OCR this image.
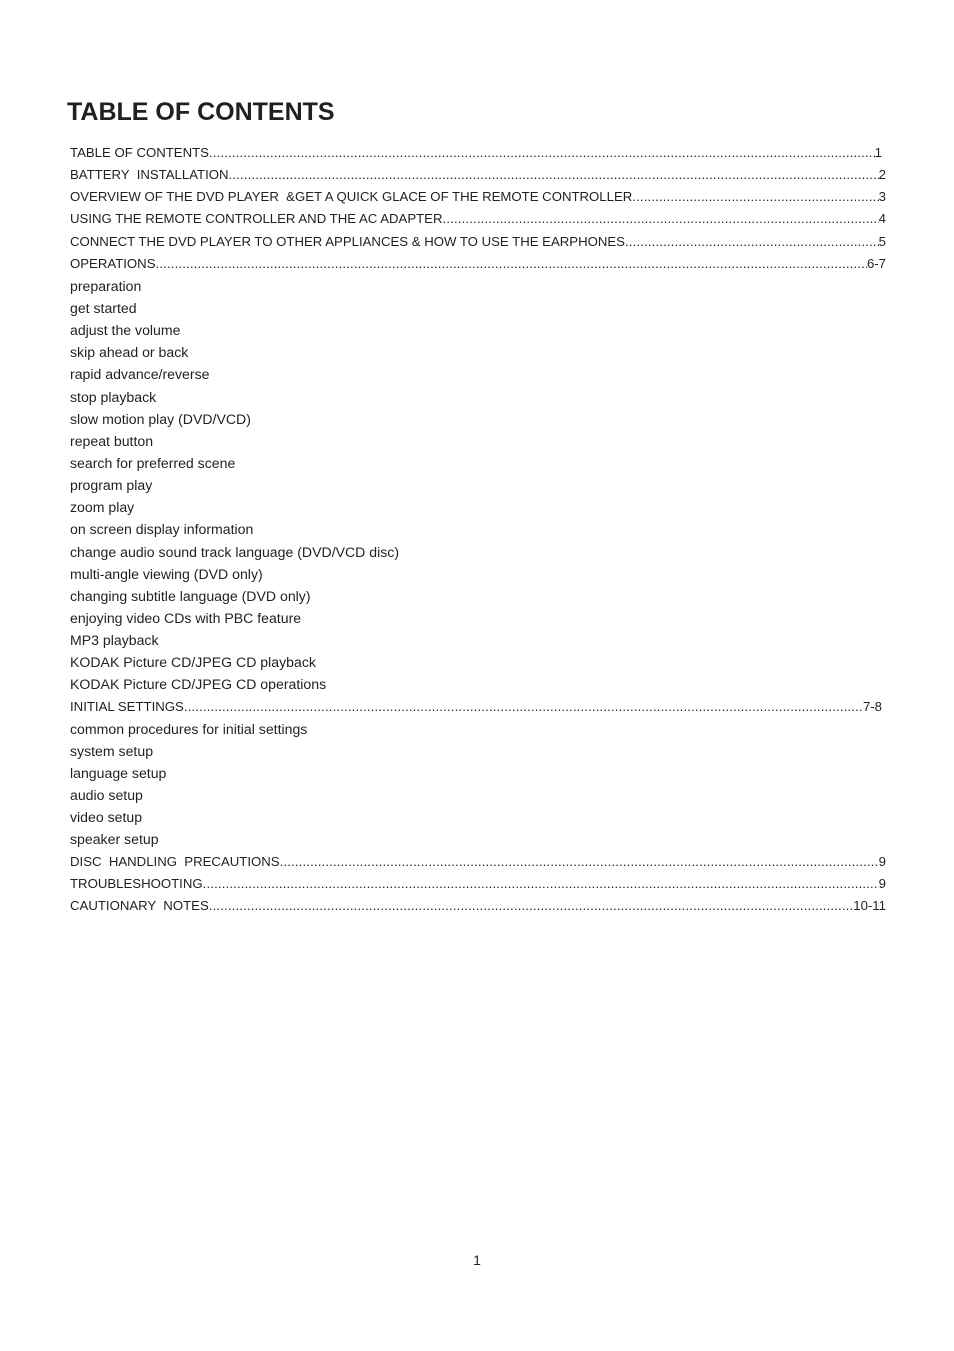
TABLE OF CONTENTS
TABLE OF CONTENTS .....	1
BATTERY  INSTALLATION .....	2
OVERVIEW OF THE DVD PLAYER  &GET A QUICK GLACE OF THE REMOTE CONTROLLER .....	3
USING THE REMOTE CONTROLLER AND THE AC ADAPTER .....	4
CONNECT THE DVD PLAYER TO OTHER APPLIANCES & HOW TO USE THE EARPHONES .....	5
OPERATIONS .....	6-7
preparation
get started
adjust the volume
skip ahead or back
rapid advance/reverse
stop playback
slow motion play (DVD/VCD)
repeat button
search for preferred scene
program play
zoom play
on screen display information
change audio sound track language (DVD/VCD disc)
multi-angle viewing (DVD only)
changing subtitle language (DVD only)
enjoying video CDs with PBC feature
MP3 playback
KODAK Picture CD/JPEG CD playback
KODAK Picture CD/JPEG CD operations
INITIAL SETTINGS .....	7-8
common procedures for initial settings
system setup
language setup
audio setup
video setup
speaker setup
DISC  HANDLING  PRECAUTIONS .....	9
TROUBLESHOOTING .....	9
CAUTIONARY  NOTES .....	10-11
1
